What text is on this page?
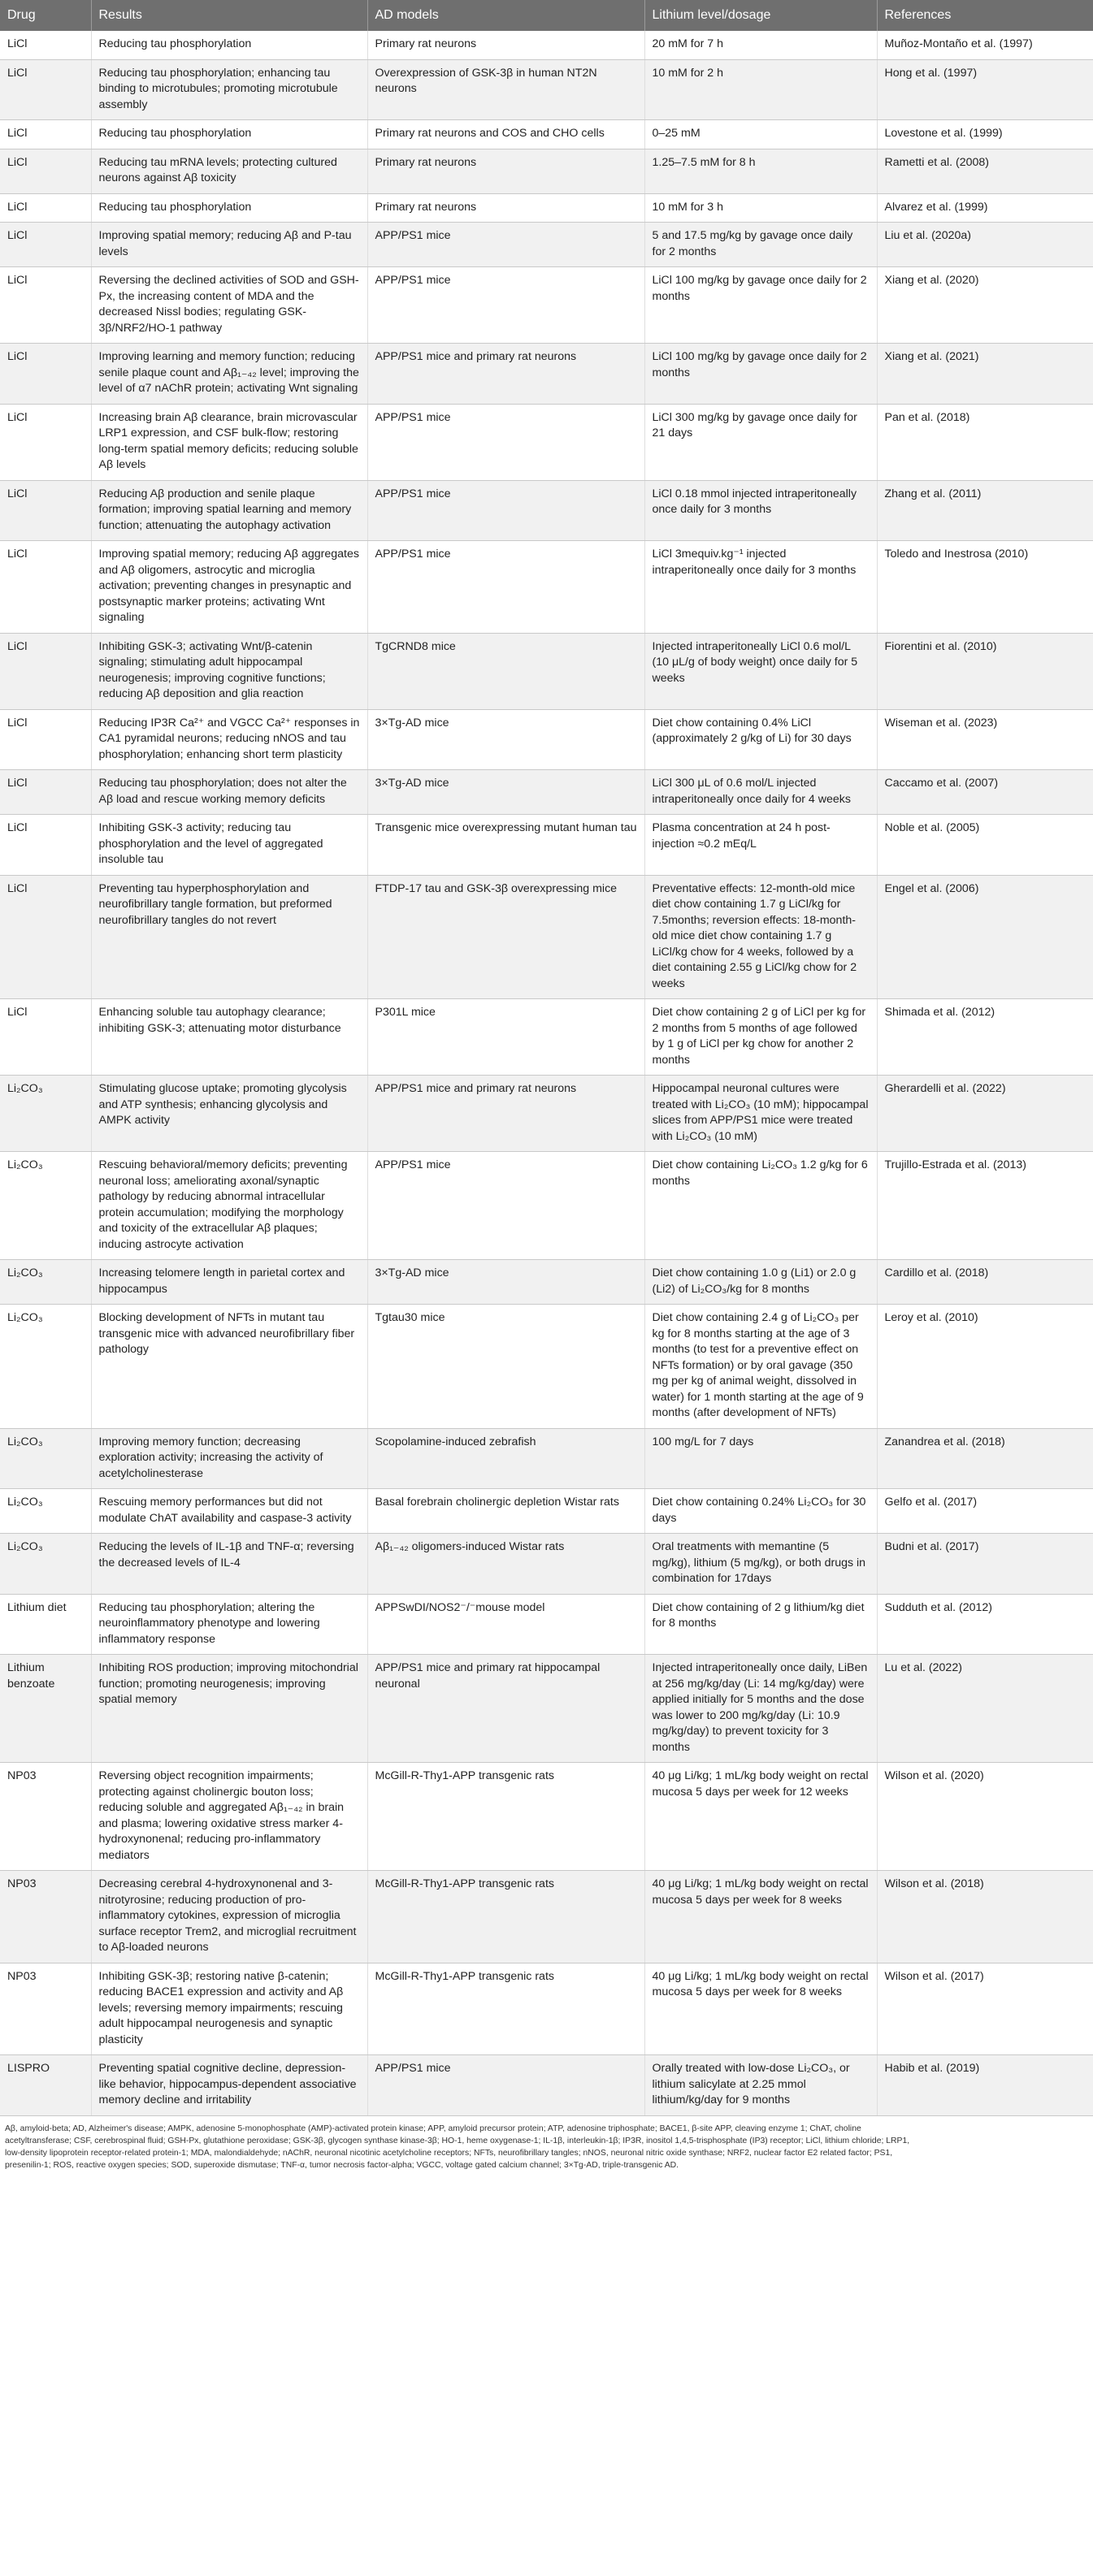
Drug	Results	AD models	Lithium level/dosage	References
LiCl	Reducing tau phosphorylation	Primary rat neurons	20 mM for 7 h	Muñoz-Montaño et al. (1997)
LiCl	Reducing tau phosphorylation; enhancing tau binding to microtubules; promoting microtubule assembly	Overexpression of GSK-3β in human NT2N neurons	10 mM for 2 h	Hong et al. (1997)
LiCl	Reducing tau phosphorylation	Primary rat neurons and COS and CHO cells	0–25 mM	Lovestone et al. (1999)
LiCl	Reducing tau mRNA levels; protecting cultured neurons against Aβ toxicity	Primary rat neurons	1.25–7.5 mM for 8 h	Rametti et al. (2008)
LiCl	Reducing tau phosphorylation	Primary rat neurons	10 mM for 3 h	Alvarez et al. (1999)
LiCl	Improving spatial memory; reducing Aβ and P-tau levels	APP/PS1 mice	5 and 17.5 mg/kg by gavage once daily for 2 months	Liu et al. (2020a)
LiCl	Reversing the declined activities of SOD and GSH-Px, the increasing content of MDA and the decreased Nissl bodies; regulating GSK-3β/NRF2/HO-1 pathway	APP/PS1 mice	LiCl 100 mg/kg by gavage once daily for 2 months	Xiang et al. (2020)
LiCl	Improving learning and memory function; reducing senile plaque count and Aβ₁₋₄₂ level; improving the level of α7 nAChR protein; activating Wnt signaling	APP/PS1 mice and primary rat neurons	LiCl 100 mg/kg by gavage once daily for 2 months	Xiang et al. (2021)
LiCl	Increasing brain Aβ clearance, brain microvascular LRP1 expression, and CSF bulk-flow; restoring long-term spatial memory deficits; reducing soluble Aβ levels	APP/PS1 mice	LiCl 300 mg/kg by gavage once daily for 21 days	Pan et al. (2018)
LiCl	Reducing Aβ production and senile plaque formation; improving spatial learning and memory function; attenuating the autophagy activation	APP/PS1 mice	LiCl 0.18 mmol injected intraperitoneally once daily for 3 months	Zhang et al. (2011)
LiCl	Improving spatial memory; reducing Aβ aggregates and Aβ oligomers, astrocytic and microglia activation; preventing changes in presynaptic and postsynaptic marker proteins; activating Wnt signaling	APP/PS1 mice	LiCl 3mequiv.kg⁻¹ injected intraperitoneally once daily for 3 months	Toledo and Inestrosa (2010)
LiCl	Inhibiting GSK-3; activating Wnt/β-catenin signaling; stimulating adult hippocampal neurogenesis; improving cognitive functions; reducing Aβ deposition and glia reaction	TgCRND8 mice	Injected intraperitoneally LiCl 0.6 mol/L (10 μL/g of body weight) once daily for 5 weeks	Fiorentini et al. (2010)
LiCl	Reducing IP3R Ca²⁺ and VGCC Ca²⁺ responses in CA1 pyramidal neurons; reducing nNOS and tau phosphorylation; enhancing short term plasticity	3×Tg-AD mice	Diet chow containing 0.4% LiCl (approximately 2 g/kg of Li) for 30 days	Wiseman et al. (2023)
LiCl	Reducing tau phosphorylation; does not alter the Aβ load and rescue working memory deficits	3×Tg-AD mice	LiCl 300 μL of 0.6 mol/L injected intraperitoneally once daily for 4 weeks	Caccamo et al. (2007)
LiCl	Inhibiting GSK-3 activity; reducing tau phosphorylation and the level of aggregated insoluble tau	Transgenic mice overexpressing mutant human tau	Plasma concentration at 24 h post-injection ≈0.2 mEq/L	Noble et al. (2005)
LiCl	Preventing tau hyperphosphorylation and neurofibrillary tangle formation, but preformed neurofibrillary tangles do not revert	FTDP-17 tau and GSK-3β overexpressing mice	Preventative effects: 12-month-old mice diet chow containing 1.7 g LiCl/kg for 7.5months; reversion effects: 18-month-old mice diet chow containing 1.7 g LiCl/kg chow for 4 weeks, followed by a diet containing 2.55 g LiCl/kg chow for 2 weeks	Engel et al. (2006)
LiCl	Enhancing soluble tau autophagy clearance; inhibiting GSK-3; attenuating motor disturbance	P301L mice	Diet chow containing 2 g of LiCl per kg for 2 months from 5 months of age followed by 1 g of LiCl per kg chow for another 2 months	Shimada et al. (2012)
Li₂CO₃	Stimulating glucose uptake; promoting glycolysis and ATP synthesis; enhancing glycolysis and AMPK activity	APP/PS1 mice and primary rat neurons	Hippocampal neuronal cultures were treated with Li₂CO₃ (10 mM); hippocampal slices from APP/PS1 mice were treated with Li₂CO₃ (10 mM)	Gherardelli et al. (2022)
Li₂CO₃	Rescuing behavioral/memory deficits; preventing neuronal loss; ameliorating axonal/synaptic pathology by reducing abnormal intracellular protein accumulation; modifying the morphology and toxicity of the extracellular Aβ plaques; inducing astrocyte activation	APP/PS1 mice	Diet chow containing Li₂CO₃ 1.2 g/kg for 6 months	Trujillo-Estrada et al. (2013)
Li₂CO₃	Increasing telomere length in parietal cortex and hippocampus	3×Tg-AD mice	Diet chow containing 1.0 g (Li1) or 2.0 g (Li2) of Li₂CO₃/kg for 8 months	Cardillo et al. (2018)
Li₂CO₃	Blocking development of NFTs in mutant tau transgenic mice with advanced neurofibrillary fiber pathology	Tgtau30 mice	Diet chow containing 2.4 g of Li₂CO₃ per kg for 8 months starting at the age of 3 months (to test for a preventive effect on NFTs formation) or by oral gavage (350 mg per kg of animal weight, dissolved in water) for 1 month starting at the age of 9 months (after development of NFTs)	Leroy et al. (2010)
Li₂CO₃	Improving memory function; decreasing exploration activity; increasing the activity of acetylcholinesterase	Scopolamine-induced zebrafish	100 mg/L for 7 days	Zanandrea et al. (2018)
Li₂CO₃	Rescuing memory performances but did not modulate ChAT availability and caspase-3 activity	Basal forebrain cholinergic depletion Wistar rats	Diet chow containing 0.24% Li₂CO₃ for 30 days	Gelfo et al. (2017)
Li₂CO₃	Reducing the levels of IL-1β and TNF-α; reversing the decreased levels of IL-4	Aβ₁₋₄₂ oligomers-induced Wistar rats	Oral treatments with memantine (5 mg/kg), lithium (5 mg/kg), or both drugs in combination for 17days	Budni et al. (2017)
Lithium diet	Reducing tau phosphorylation; altering the neuroinflammatory phenotype and lowering inflammatory response	APPSwDI/NOS2⁻/⁻mouse model	Diet chow containing of 2 g lithium/kg diet for 8 months	Sudduth et al. (2012)
Lithium benzoate	Inhibiting ROS production; improving mitochondrial function; promoting neurogenesis; improving spatial memory	APP/PS1 mice and primary rat hippocampal neuronal	Injected intraperitoneally once daily, LiBen at 256 mg/kg/day (Li: 14 mg/kg/day) were applied initially for 5 months and the dose was lower to 200 mg/kg/day (Li: 10.9 mg/kg/day) to prevent toxicity for 3 months	Lu et al. (2022)
NP03	Reversing object recognition impairments; protecting against cholinergic bouton loss; reducing soluble and aggregated Aβ₁₋₄₂ in brain and plasma; lowering oxidative stress marker 4-hydroxynonenal; reducing pro-inflammatory mediators	McGill-R-Thy1-APP transgenic rats	40 μg Li/kg; 1 mL/kg body weight on rectal mucosa 5 days per week for 12 weeks	Wilson et al. (2020)
NP03	Decreasing cerebral 4-hydroxynonenal and 3-nitrotyrosine; reducing production of pro-inflammatory cytokines, expression of microglia surface receptor Trem2, and microglial recruitment to Aβ-loaded neurons	McGill-R-Thy1-APP transgenic rats	40 μg Li/kg; 1 mL/kg body weight on rectal mucosa 5 days per week for 8 weeks	Wilson et al. (2018)
NP03	Inhibiting GSK-3β; restoring native β-catenin; reducing BACE1 expression and activity and Aβ levels; reversing memory impairments; rescuing adult hippocampal neurogenesis and synaptic plasticity	McGill-R-Thy1-APP transgenic rats	40 μg Li/kg; 1 mL/kg body weight on rectal mucosa 5 days per week for 8 weeks	Wilson et al. (2017)
LISPRO	Preventing spatial cognitive decline, depression-like behavior, hippocampus-dependent associative memory decline and irritability	APP/PS1 mice	Orally treated with low-dose Li₂CO₃, or lithium salicylate at 2.25 mmol lithium/kg/day for 9 months	Habib et al. (2019)
Aβ, amyloid-beta; AD, Alzheimer's disease; AMPK, adenosine 5-monophosphate (AMP)-activated protein kinase; APP, amyloid precursor protein; ATP, adenosine triphosphate; BACE1, β-site APP, cleaving enzyme 1; ChAT, choline acetyltransferase; CSF, cerebrospinal fluid; GSH-Px, glutathione peroxidase; GSK-3β, glycogen synthase kinase-3β; HO-1, heme oxygenase-1; IL-1β, interleukin-1β; IP3R, inositol 1,4,5-trisphosphate (IP3) receptor; LiCl, lithium chloride; LRP1, low-density lipoprotein receptor-related protein-1; MDA, malondialdehyde; nAChR, neuronal nicotinic acetylcholine receptors; NFTs, neurofibrillary tangles; nNOS, neuronal nitric oxide synthase; NRF2, nuclear factor E2 related factor; PS1, presenilin-1; ROS, reactive oxygen species; SOD, superoxide dismutase; TNF-α, tumor necrosis factor-alpha; VGCC, voltage gated calcium channel; 3×Tg-AD, triple-transgenic AD.
